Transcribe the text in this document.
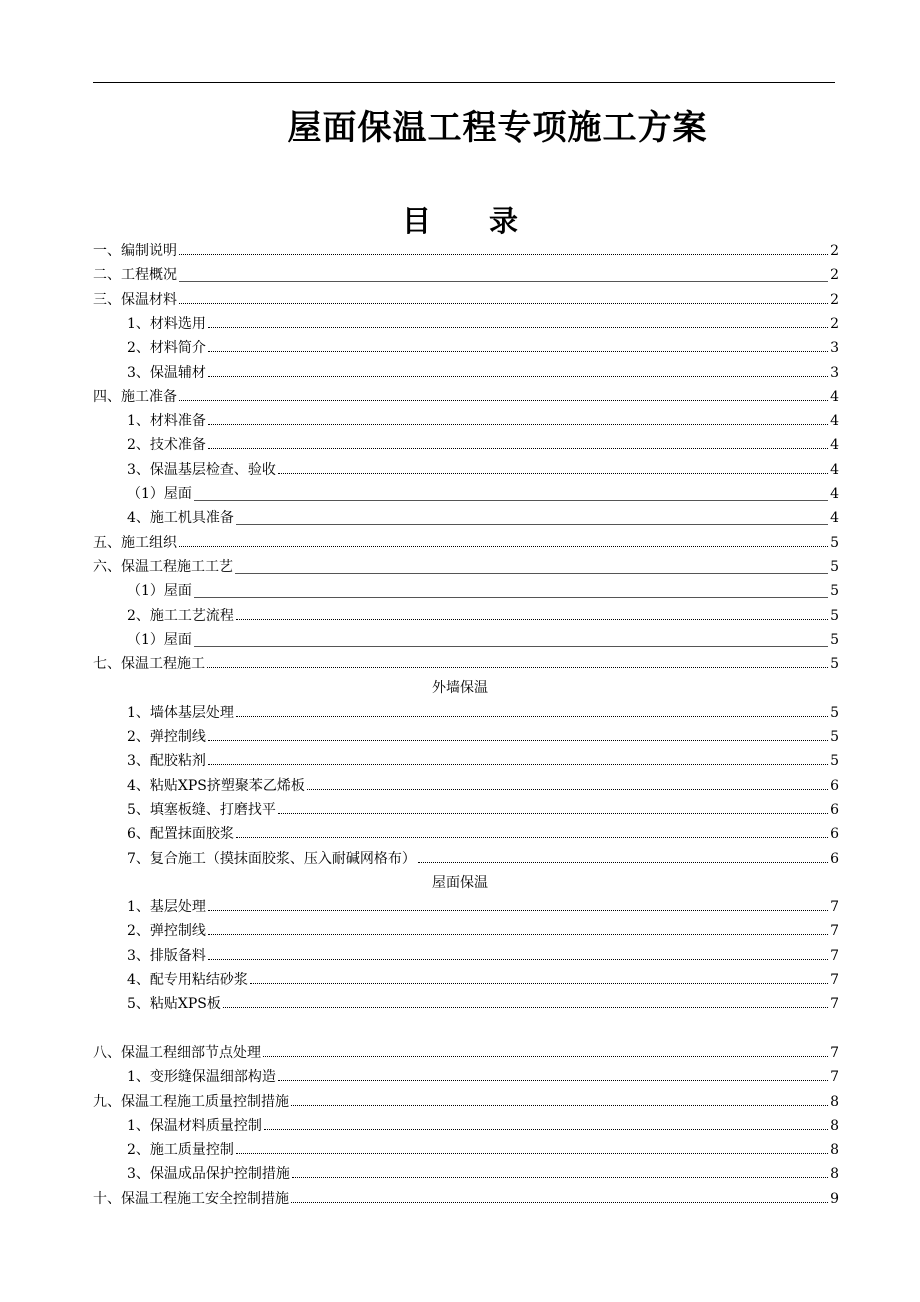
屋面保温工程专项施工方案
目 录
一、编制说明	2
二、工程概况	2
三、保温材料	2
1、材料选用	2
2、材料简介	3
3、保温辅材	3
四、施工准备	4
1、材料准备	4
2、技术准备	4
3、保温基层检查、验收	4
（1）屋面	4
4、施工机具准备	4
五、施工组织	5
六、保温工程施工工艺	5
（1）屋面	5
2、施工工艺流程	5
（1）屋面	5
七、保温工程施工	5
外墙保温
1、墙体基层处理	5
2、弹控制线	5
3、配胶粘剂	5
4、粘贴XPS挤塑聚苯乙烯板	6
5、填塞板缝、打磨找平	6
6、配置抹面胶浆	6
7、复合施工（摸抹面胶浆、压入耐碱网格布）	6
屋面保温
1、基层处理	7
2、弹控制线	7
3、排版备料	7
4、配专用粘结砂浆	7
5、粘贴XPS板	7
八、保温工程细部节点处理	7
1、变形缝保温细部构造	7
九、保温工程施工质量控制措施	8
1、保温材料质量控制	8
2、施工质量控制	8
3、保温成品保护控制措施	8
十、保温工程施工安全控制措施	9
